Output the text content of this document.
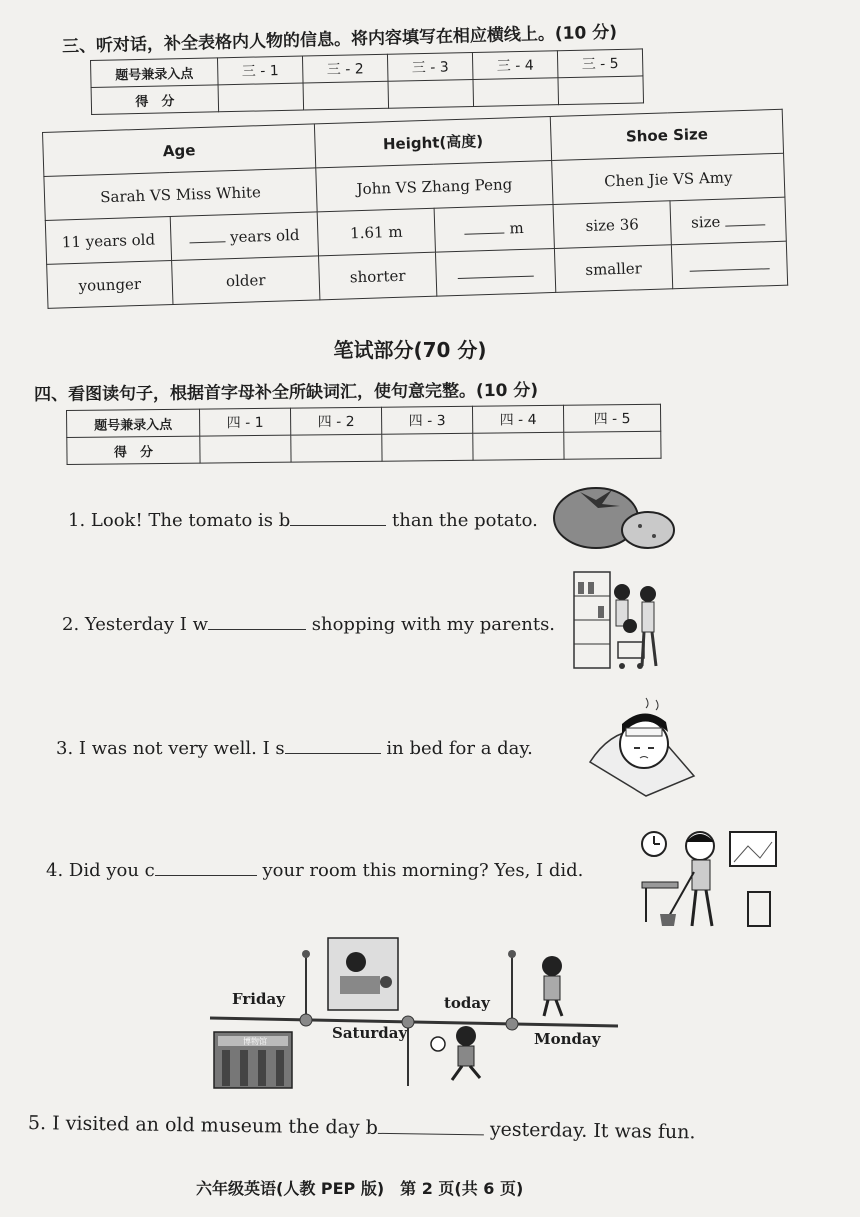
三、听对话，补全表格内人物的信息。将内容填写在相应横线上。(10 分)
题号兼录入点	三 - 1	三 - 2	三 - 3	三 - 4	三 - 5
得　分					
Age		Height(高度)		Shoe Size	
Sarah VS Miss White		John VS Zhang Peng		Chen Jie VS Amy	
11 years old	years old	1.61 m	m	size 36	size
younger	older	shorter		smaller	
笔试部分(70 分)
四、看图读句子，根据首字母补全所缺词汇，使句意完整。(10 分)
题号兼录入点	四 - 1	四 - 2	四 - 3	四 - 4	四 - 5
得　分					
1. Look! The tomato is b	than the potato.
2. Yesterday I w	shopping with my parents.
3. I was not very well. I s	in bed for a day.
4. Did you c	your room this morning? Yes, I did.
博物馆
Friday
Saturday
today
Monday
5. I visited an old museum the day b	yesterday. It was fun.
六年级英语(人教 PEP 版)　第 2 页(共 6 页)
